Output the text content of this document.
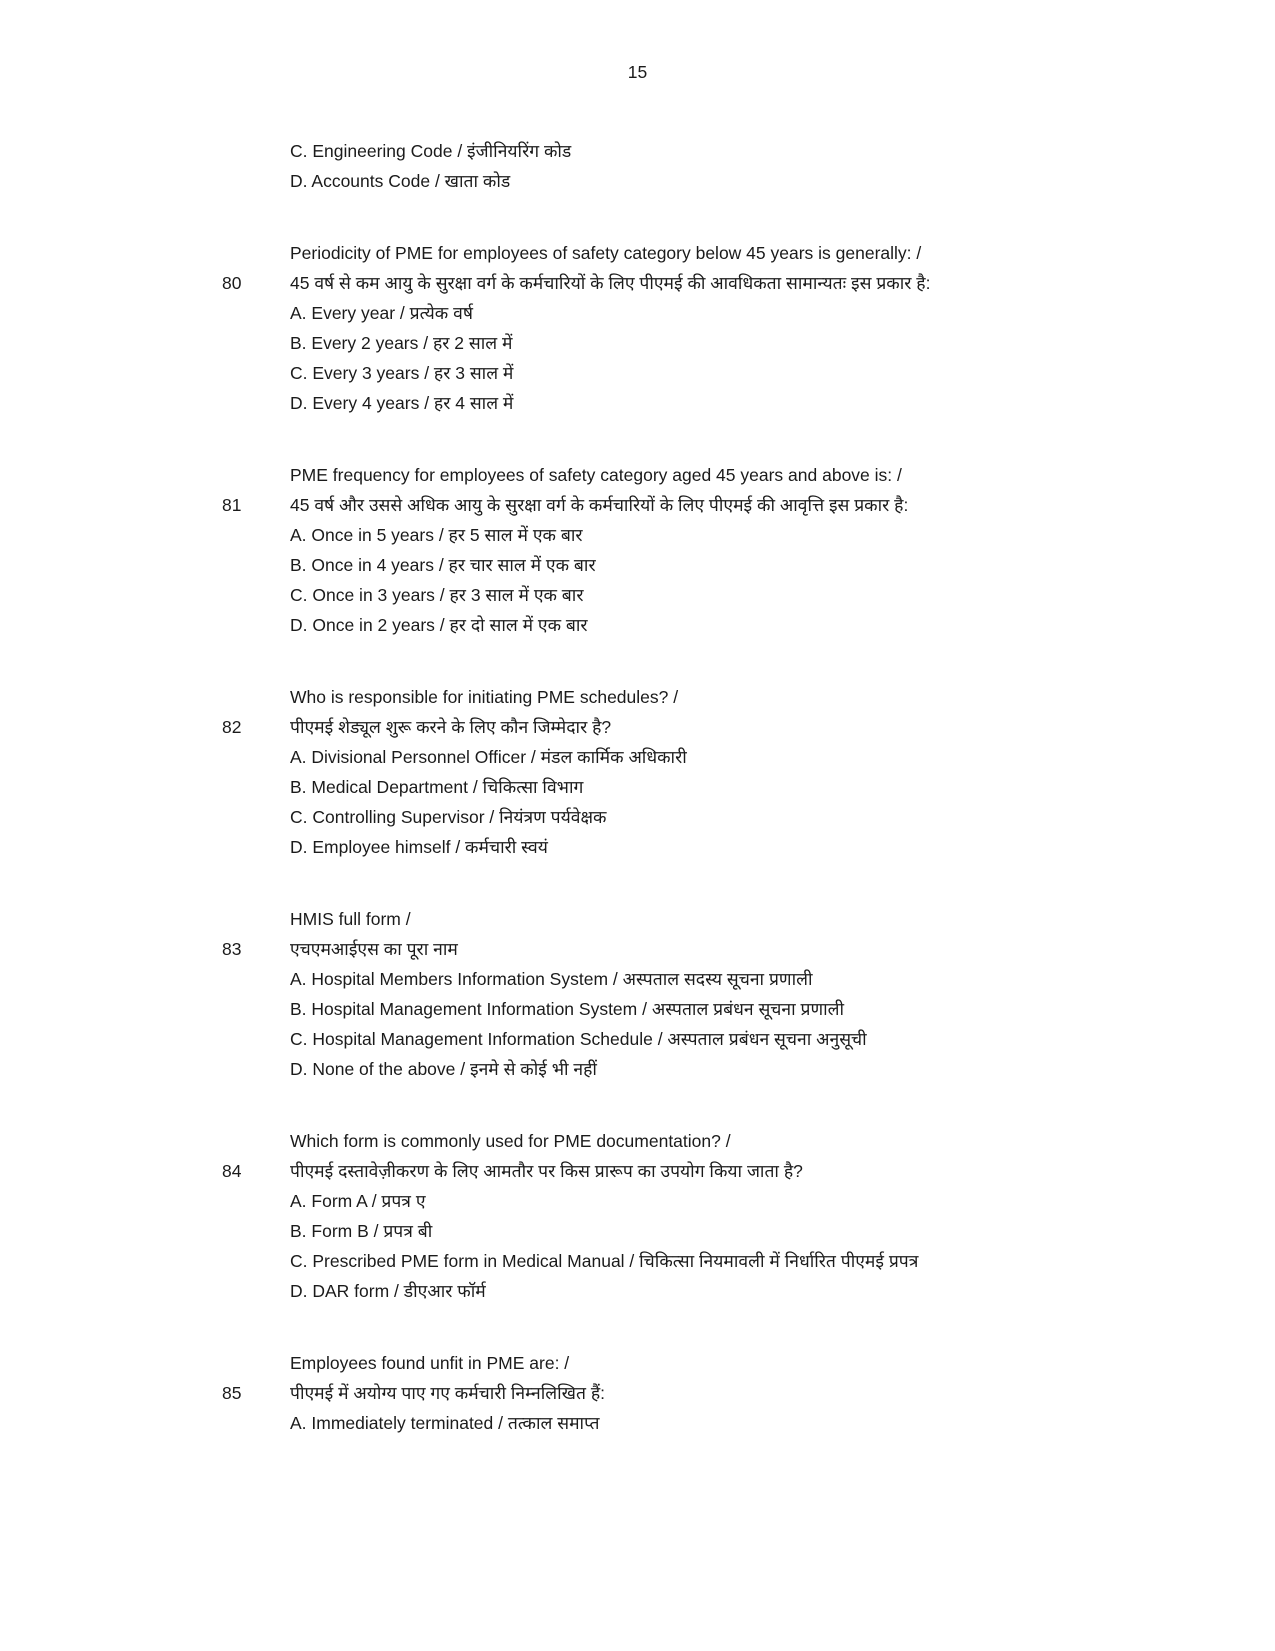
15
C. Engineering Code / इंजीनियरिंग कोड
D. Accounts Code / खाता कोड
80
Periodicity of PME for employees of safety category below 45 years is generally: /
45 वर्ष से कम आयु के सुरक्षा वर्ग के कर्मचारियों के लिए पीएमई की आवधिकता सामान्यतः इस प्रकार है:
A. Every year / प्रत्येक वर्ष
B. Every 2 years / हर 2 साल में
C. Every 3 years / हर 3 साल में
D. Every 4 years / हर 4 साल में
81
PME frequency for employees of safety category aged 45 years and above is: /
45 वर्ष और उससे अधिक आयु के सुरक्षा वर्ग के कर्मचारियों के लिए पीएमई की आवृत्ति इस प्रकार है:
A. Once in 5 years / हर 5 साल में एक बार
B. Once in 4 years / हर चार साल में एक बार
C. Once in 3 years / हर 3 साल में एक बार
D. Once in 2 years / हर दो साल में एक बार
82
Who is responsible for initiating PME schedules? /
पीएमई शेड्यूल शुरू करने के लिए कौन जिम्मेदार है?
A. Divisional Personnel Officer / मंडल कार्मिक अधिकारी
B. Medical Department / चिकित्सा विभाग
C. Controlling Supervisor / नियंत्रण पर्यवेक्षक
D. Employee himself / कर्मचारी स्वयं
83
HMIS full form /
एचएमआईएस का पूरा नाम
A. Hospital Members Information System / अस्पताल सदस्य सूचना प्रणाली
B. Hospital Management Information System / अस्पताल प्रबंधन सूचना प्रणाली
C. Hospital Management Information Schedule / अस्पताल प्रबंधन सूचना अनुसूची
D. None of the above / इनमे से कोई भी नहीं
84
Which form is commonly used for PME documentation? /
पीएमई दस्तावेज़ीकरण के लिए आमतौर पर किस प्रारूप का उपयोग किया जाता है?
A. Form A / प्रपत्र ए
B. Form B / प्रपत्र बी
C. Prescribed PME form in Medical Manual / चिकित्सा नियमावली में निर्धारित पीएमई प्रपत्र
D. DAR form / डीएआर फॉर्म
85
Employees found unfit in PME are: /
पीएमई में अयोग्य पाए गए कर्मचारी निम्नलिखित हैं:
A. Immediately terminated / तत्काल समाप्त
